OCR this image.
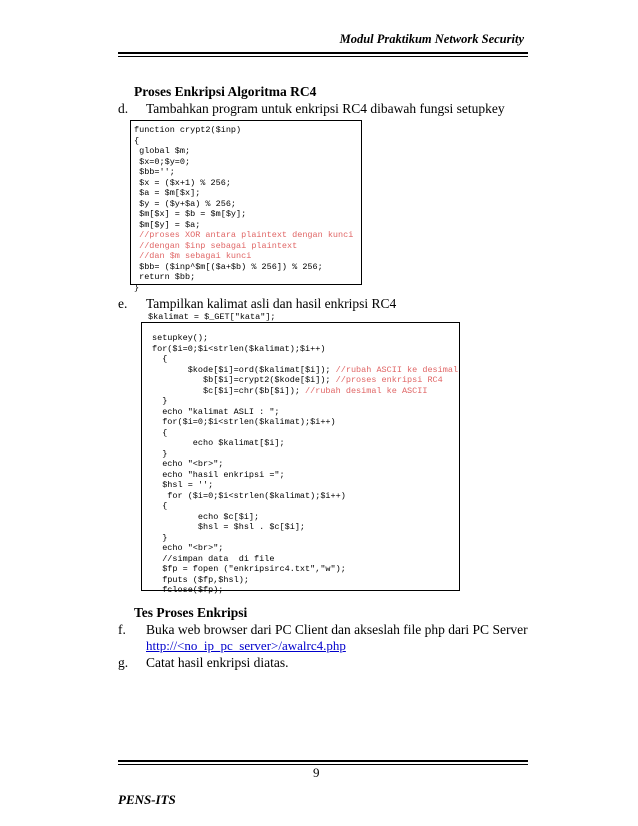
Modul Praktikum Network Security
Proses Enkripsi Algoritma RC4
d. Tambahkan program untuk enkripsi RC4 dibawah fungsi setupkey
function crypt2($inp)
{
global $m;
$x=0;$y=0;
$bb='';
$x = ($x+1) % 256;
$a = $m[$x];
$y = ($y+$a) % 256;
$m[$x] = $b = $m[$y];
$m[$y] = $a;
//proses XOR antara plaintext dengan kunci
//dengan $inp sebagai plaintext
//dan $m sebagai kunci
$bb= ($inp^$m[($a+$b) % 256]) % 256;
return $bb;
}
e. Tampilkan kalimat asli dan hasil enkripsi RC4
$kalimat = $_GET["kata"];
setupkey();
for($i=0;$i<strlen($kalimat);$i++)
{
$kode[$i]=ord($kalimat[$i]); //rubah ASCII ke desimal
$b[$i]=crypt2($kode[$i]); //proses enkripsi RC4
$c[$i]=chr($b[$i]); //rubah desimal ke ASCII
}
echo "kalimat ASLI : ";
for($i=0;$i<strlen($kalimat);$i++)
{
echo $kalimat[$i];
}
echo "<br>";
echo "hasil enkripsi =";
$hsl = '';
for ($i=0;$i<strlen($kalimat);$i++)
{
echo $c[$i];
$hsl = $hsl . $c[$i];
}
echo "<br>";
//simpan data  di file
$fp = fopen ("enkripsirc4.txt","w");
fputs ($fp,$hsl);
fclose($fp);
Tes Proses Enkripsi
f. Buka web browser dari PC Client dan akseslah file php dari PC Server
http://<no_ip_pc_server>/awalrc4.php
g. Catat hasil enkripsi diatas.
9
PENS-ITS
